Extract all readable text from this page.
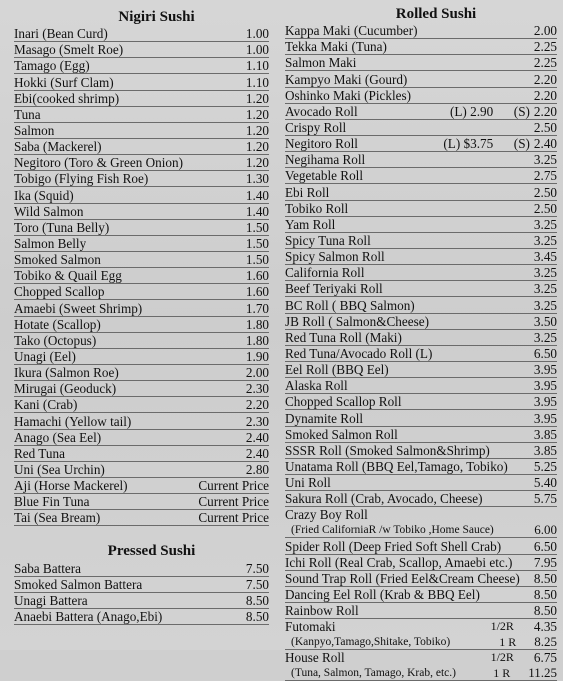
Nigiri Sushi
Inari (Bean Curd)	1.00
Masago (Smelt Roe)	1.00
Tamago (Egg)	1.10
Hokki (Surf Clam)	1.10
Ebi(cooked shrimp)	1.20
Tuna	1.20
Salmon	1.20
Saba (Mackerel)	1.20
Negitoro (Toro & Green Onion)	1.20
Tobigo (Flying Fish Roe)	1.30
Ika (Squid)	1.40
Wild Salmon	1.40
Toro (Tuna Belly)	1.50
Salmon Belly	1.50
Smoked Salmon	1.50
Tobiko & Quail Egg	1.60
Chopped Scallop	1.60
Amaebi (Sweet Shrimp)	1.70
Hotate (Scallop)	1.80
Tako (Octopus)	1.80
Unagi (Eel)	1.90
Ikura (Salmon Roe)	2.00
Mirugai (Geoduck)	2.30
Kani (Crab)	2.20
Hamachi (Yellow tail)	2.30
Anago (Sea Eel)	2.40
Red Tuna	2.40
Uni (Sea Urchin)	2.80
Aji (Horse Mackerel)	Current Price
Blue Fin Tuna	Current Price
Tai (Sea Bream)	Current Price
Pressed Sushi
Saba Battera	7.50
Smoked Salmon Battera	7.50
Unagi Battera	8.50
Anaebi Battera (Anago,Ebi)	8.50
Rolled Sushi
Kappa Maki (Cucumber)	2.00
Tekka Maki (Tuna)	2.25
Salmon Maki	2.25
Kampyo Maki (Gourd)	2.20
Oshinko Maki (Pickles)	2.20
Avocado Roll	(L) 2.90 (S) 2.20
Crispy Roll	2.50
Negitoro Roll	(L) $3.75 (S) 2.40
Negihama Roll	3.25
Vegetable Roll	2.75
Ebi Roll	2.50
Tobiko Roll	2.50
Yam Roll	3.25
Spicy Tuna Roll	3.25
Spicy Salmon Roll	3.45
California Roll	3.25
Beef Teriyaki Roll	3.25
BC Roll ( BBQ Salmon)	3.25
JB Roll ( Salmon&Cheese)	3.50
Red Tuna Roll (Maki)	3.25
Red Tuna/Avocado Roll (L)	6.50
Eel Roll (BBQ Eel)	3.95
Alaska Roll	3.95
Chopped Scallop Roll	3.95
Dynamite Roll	3.95
Smoked Salmon Roll	3.85
SSSR Roll (Smoked Salmon&Shrimp)	3.85
Unatama Roll (BBQ Eel,Tamago, Tobiko)	5.25
Uni Roll	5.40
Sakura Roll (Crab, Avocado, Cheese)	5.75
Crazy Boy Roll
(Fried CaliforniaR /w Tobiko ,Home Sauce)	6.00
Spider Roll (Deep Fried Soft Shell Crab)	6.50
Ichi Roll (Real Crab, Scallop, Amaebi etc.)	7.95
Sound Trap Roll (Fried Eel&Cream Cheese)	8.50
Dancing Eel Roll (Krab & BBQ Eel)	8.50
Rainbow Roll	8.50
Futomaki	1/2R	4.35
(Kanpyo,Tamago,Shitake, Tobiko)	1 R	8.25
House Roll	1/2R	6.75
(Tuna, Salmon, Tamago, Krab, etc.)	1 R	11.25
